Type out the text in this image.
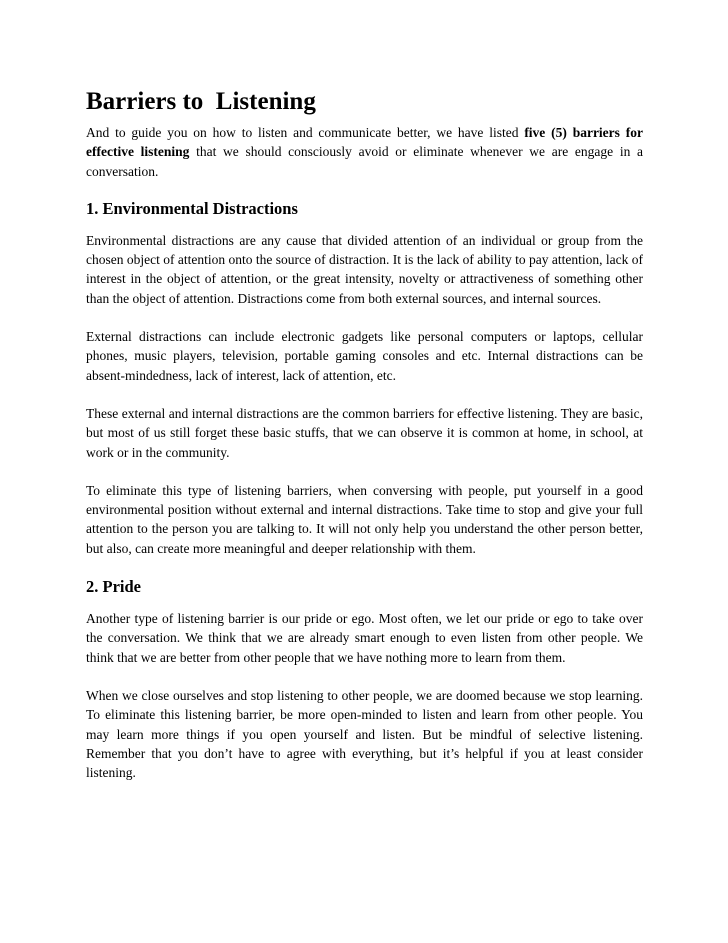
Barriers to  Listening

And to guide you on how to listen and communicate better, we have listed five (5) barriers for effective listening that we should consciously avoid or eliminate whenever we are engage in a conversation.

1. Environmental Distractions

Environmental distractions are any cause that divided attention of an individual or group from the chosen object of attention onto the source of distraction. It is the lack of ability to pay attention, lack of interest in the object of attention, or the great intensity, novelty or attractiveness of something other than the object of attention. Distractions come from both external sources, and internal sources.

External distractions can include electronic gadgets like personal computers or laptops, cellular phones, music players, television, portable gaming consoles and etc. Internal distractions can be absent-mindedness, lack of interest, lack of attention, etc.

These external and internal distractions are the common barriers for effective listening. They are basic, but most of us still forget these basic stuffs, that we can observe it is common at home, in school, at work or in the community.

To eliminate this type of listening barriers, when conversing with people, put yourself in a good environmental position without external and internal distractions. Take time to stop and give your full attention to the person you are talking to. It will not only help you understand the other person better, but also, can create more meaningful and deeper relationship with them.

2. Pride

Another type of listening barrier is our pride or ego. Most often, we let our pride or ego to take over the conversation. We think that we are already smart enough to even listen from other people. We think that we are better from other people that we have nothing more to learn from them.

When we close ourselves and stop listening to other people, we are doomed because we stop learning. To eliminate this listening barrier, be more open-minded to listen and learn from other people. You may learn more things if you open yourself and listen. But be mindful of selective listening. Remember that you don’t have to agree with everything, but it’s helpful if you at least consider listening.
